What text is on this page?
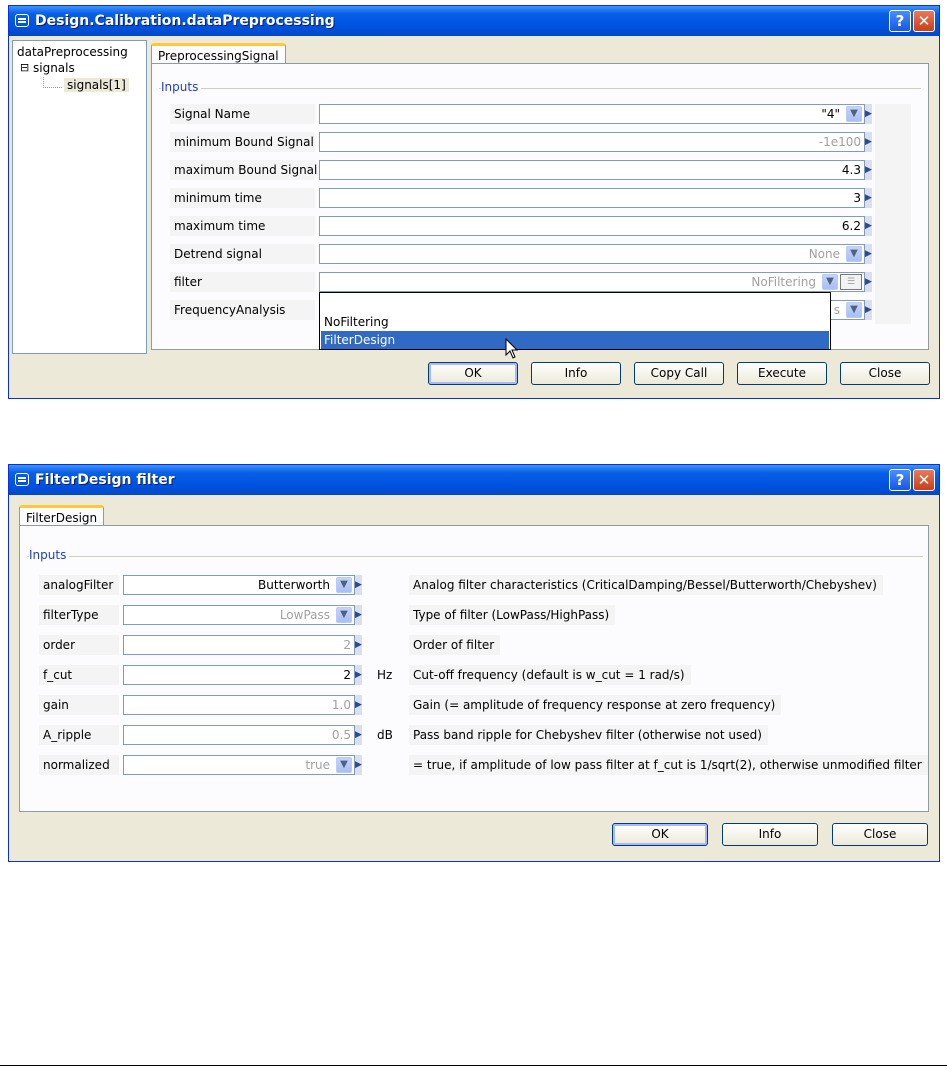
Design.Calibration.dataPreprocessing	? ✕
dataPreprocessing
⊟ signals
signals[1]
PreprocessingSignal
Inputs
Signal Name	"4"	▼ ▶
minimum Bound Signal	-1e100 ▶
maximum Bound Signal	4.3 ▶
minimum time	3 ▶
maximum time	6.2 ▶
Detrend signal	None	▼ ▶
filter	NoFiltering	▼	☰	▶
FrequencyAnalysis	s	▼ ▶
NoFiltering
FilterDesign
OK	Info	Copy Call	Execute	Close
FilterDesign filter	? ✕
FilterDesign
Inputs
analogFilter	Butterworth	▼ ▶	Analog filter characteristics (CriticalDamping/Bessel/Butterworth/Chebyshev)
filterType	LowPass	▼ ▶	Type of filter (LowPass/HighPass)
order	2 ▶	Order of filter
f_cut	2 ▶ Hz	Cut-off frequency (default is w_cut = 1 rad/s)
gain	1.0 ▶	Gain (= amplitude of frequency response at zero frequency)
A_ripple	0.5 ▶ dB	Pass band ripple for Chebyshev filter (otherwise not used)
normalized	true	▼ ▶	= true, if amplitude of low pass filter at f_cut is 1/sqrt(2), otherwise unmodified filter
OK	Info	Close
